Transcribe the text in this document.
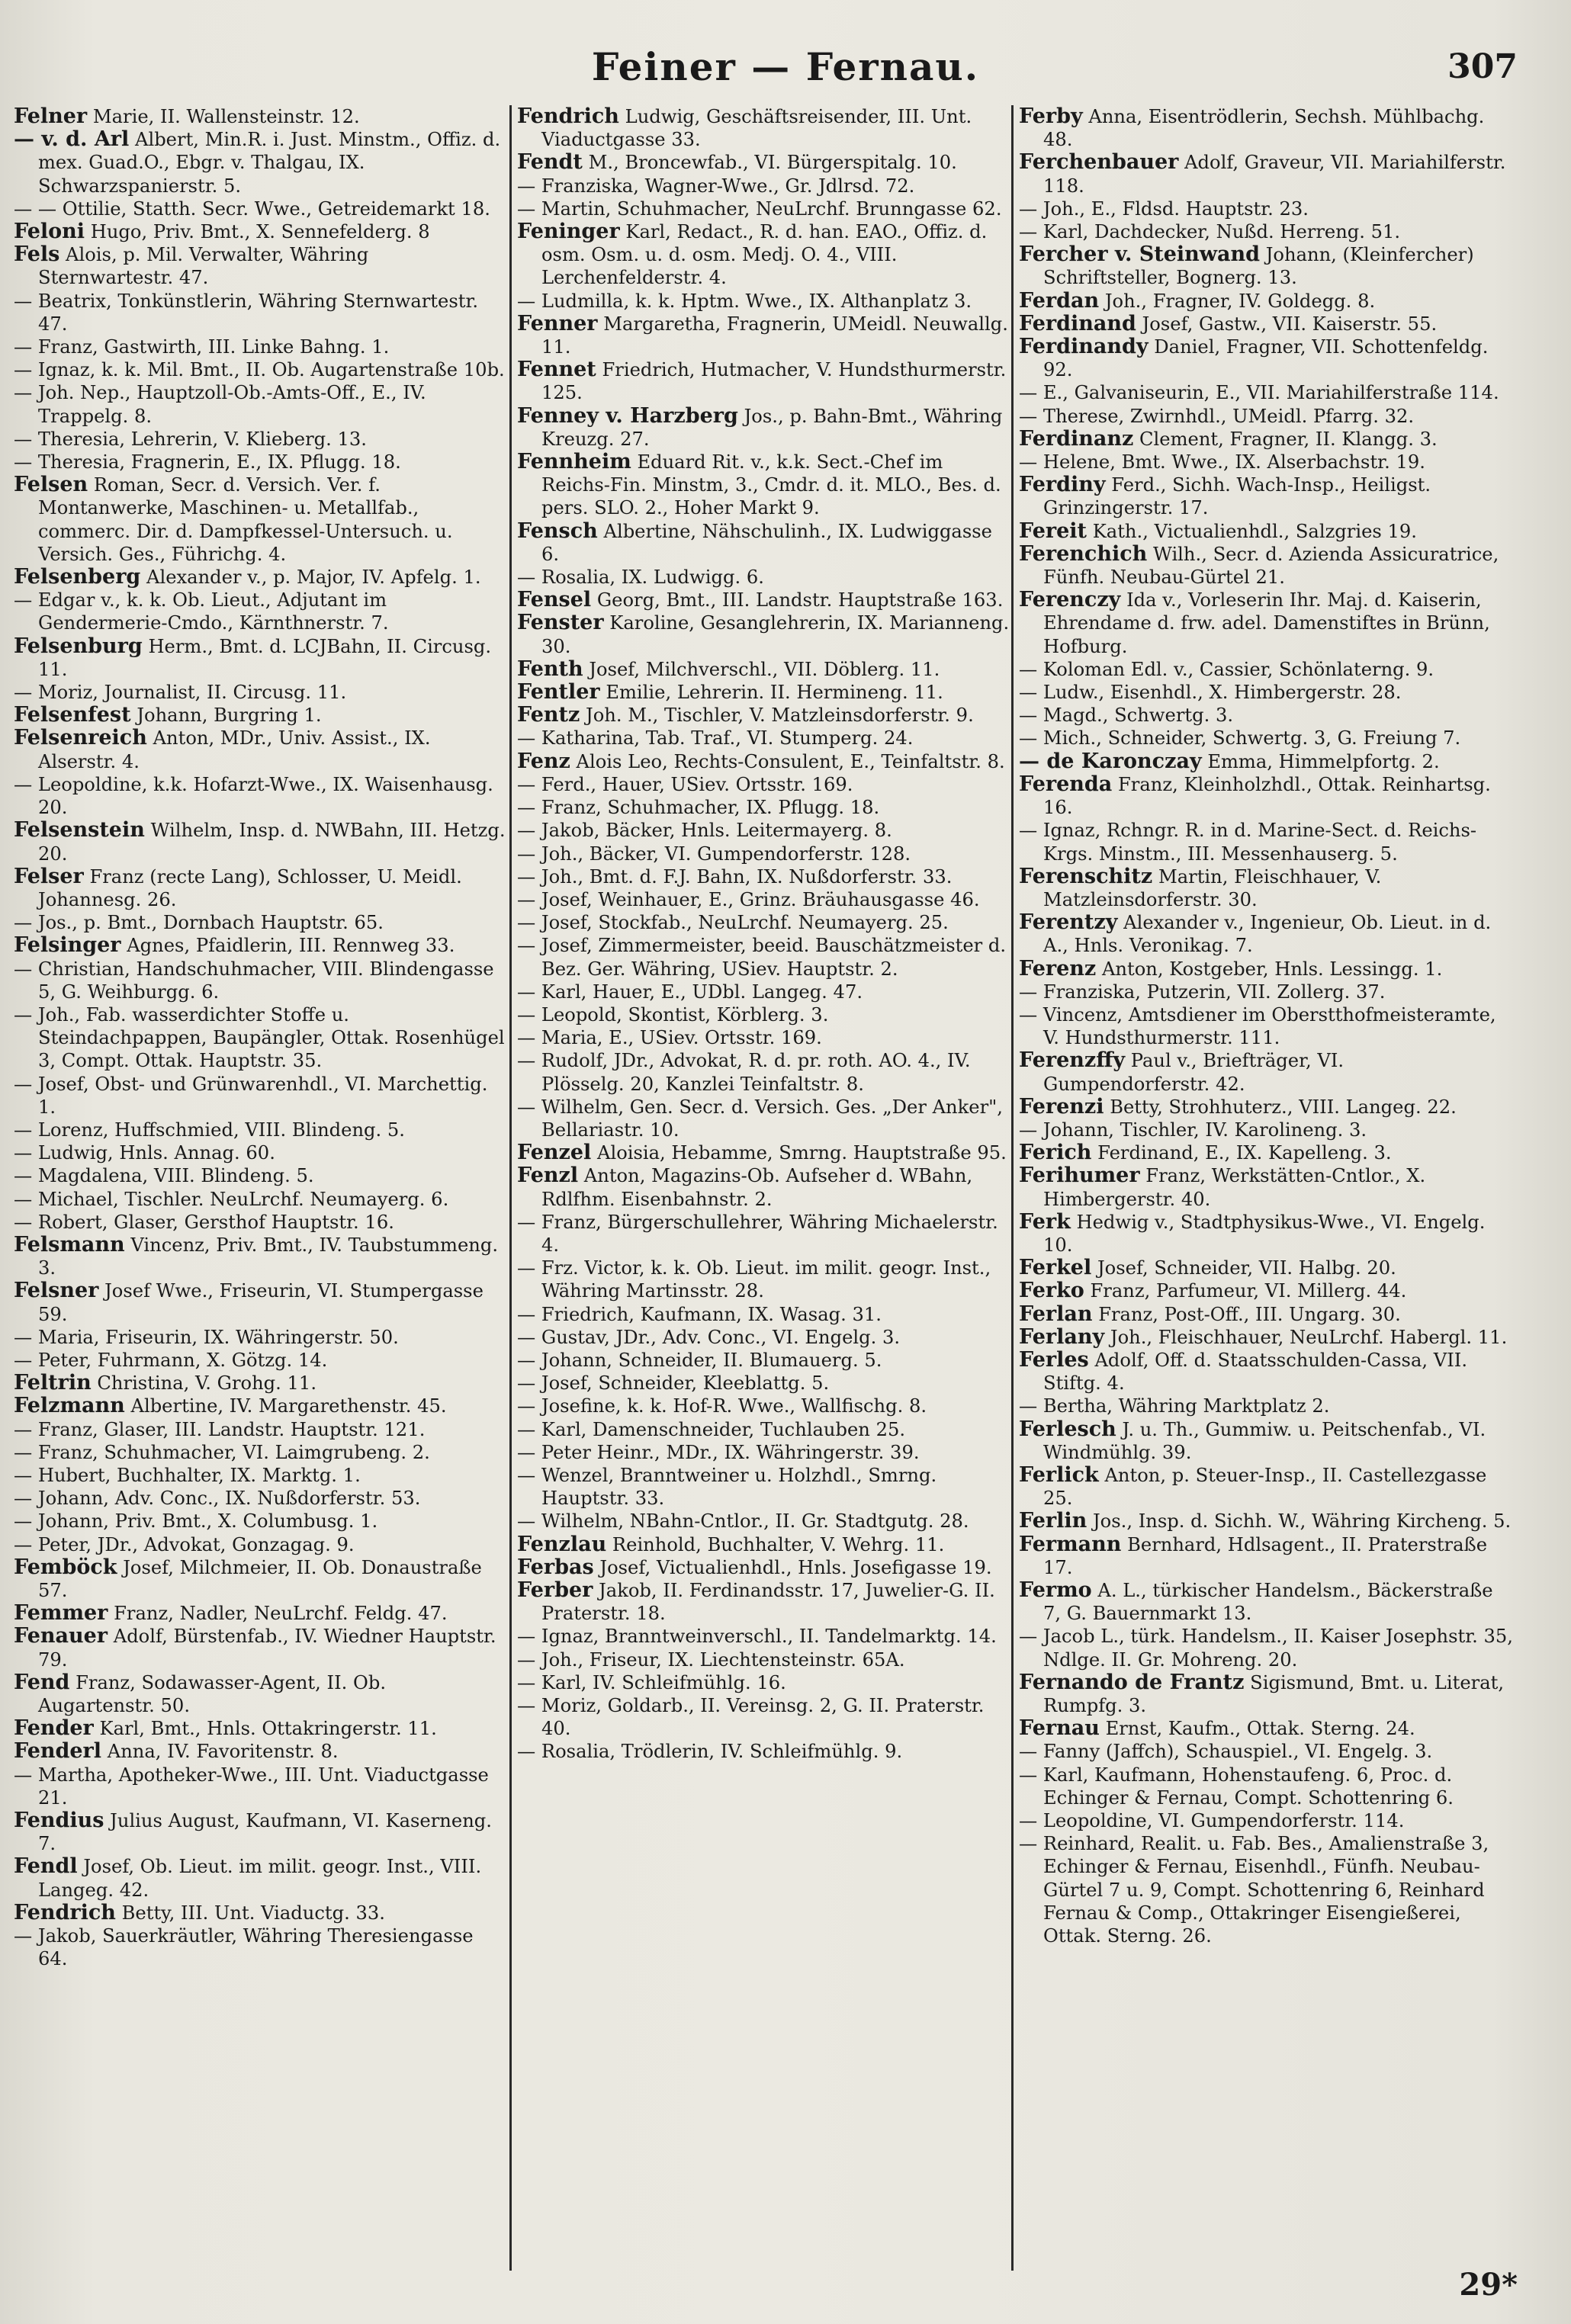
Feiner — Fernau.	307

Felner Marie, II. Wallensteinstr. 12.

— v. d. Arl Albert, Min.R. i. Just. Minstm., Offiz. d. mex. Guad.O., Ebgr. v. Thalgau, IX. Schwarzspanierstr. 5.

— — Ottilie, Statth. Secr. Wwe., Getreidemarkt 18.

Feloni Hugo, Priv. Bmt., X. Sennefelderg. 8

Fels Alois, p. Mil. Verwalter, Währing Sternwartestr. 47.

— Beatrix, Tonkünstlerin, Währing Sternwartestr. 47.

— Franz, Gastwirth, III. Linke Bahng. 1.

— Ignaz, k. k. Mil. Bmt., II. Ob. Augartenstraße 10b.

— Joh. Nep., Hauptzoll-Ob.-Amts-Off., E., IV. Trappelg. 8.

— Theresia, Lehrerin, V. Klieberg. 13.

— Theresia, Fragnerin, E., IX. Pflugg. 18.

Felsen Roman, Secr. d. Versich. Ver. f. Montanwerke, Maschinen- u. Metallfab., commerc. Dir. d. Dampfkessel-Untersuch. u. Versich. Ges., Führichg. 4.

Felsenberg Alexander v., p. Major, IV. Apfelg. 1.

— Edgar v., k. k. Ob. Lieut., Adjutant im Gendermerie-Cmdo., Kärnthnerstr. 7.

Felsenburg Herm., Bmt. d. LCJBahn, II. Circusg. 11.

— Moriz, Journalist, II. Circusg. 11.

Felsenfest Johann, Burgring 1.

Felsenreich Anton, MDr., Univ. Assist., IX. Alserstr. 4.

— Leopoldine, k.k. Hofarzt-Wwe., IX. Waisenhausg. 20.

Felsenstein Wilhelm, Insp. d. NWBahn, III. Hetzg. 20.

Felser Franz (recte Lang), Schlosser, U. Meidl. Johannesg. 26.

— Jos., p. Bmt., Dornbach Hauptstr. 65.

Felsinger Agnes, Pfaidlerin, III. Rennweg 33.

— Christian, Handschuhmacher, VIII. Blindengasse 5, G. Weihburgg. 6.

— Joh., Fab. wasserdichter Stoffe u. Steindachpappen, Baupängler, Ottak. Rosenhügel 3, Compt. Ottak. Hauptstr. 35.

— Josef, Obst- und Grünwarenhdl., VI. Marchettig. 1.

— Lorenz, Huffschmied, VIII. Blindeng. 5.

— Ludwig, Hnls. Annag. 60.

— Magdalena, VIII. Blindeng. 5.

— Michael, Tischler. NeuLrchf. Neumayerg. 6.

— Robert, Glaser, Gersthof Hauptstr. 16.

Felsmann Vincenz, Priv. Bmt., IV. Taubstummeng. 3.

Felsner Josef Wwe., Friseurin, VI. Stumpergasse 59.

— Maria, Friseurin, IX. Währingerstr. 50.

— Peter, Fuhrmann, X. Götzg. 14.

Feltrin Christina, V. Grohg. 11.

Felzmann Albertine, IV. Margarethenstr. 45.

— Franz, Glaser, III. Landstr. Hauptstr. 121.

— Franz, Schuhmacher, VI. Laimgrubeng. 2.

— Hubert, Buchhalter, IX. Marktg. 1.

— Johann, Adv. Conc., IX. Nußdorferstr. 53.

— Johann, Priv. Bmt., X. Columbusg. 1.

— Peter, JDr., Advokat, Gonzagag. 9.

Femböck Josef, Milchmeier, II. Ob. Donaustraße 57.

Femmer Franz, Nadler, NeuLrchf. Feldg. 47.

Fenauer Adolf, Bürstenfab., IV. Wiedner Hauptstr. 79.

Fend Franz, Sodawasser-Agent, II. Ob. Augartenstr. 50.

Fender Karl, Bmt., Hnls. Ottakringerstr. 11.

Fenderl Anna, IV. Favoritenstr. 8.

— Martha, Apotheker-Wwe., III. Unt. Viaductgasse 21.

Fendius Julius August, Kaufmann, VI. Kaserneng. 7.

Fendl Josef, Ob. Lieut. im milit. geogr. Inst., VIII. Langeg. 42.

Fendrich Betty, III. Unt. Viaductg. 33.

— Jakob, Sauerkräutler, Währing Theresiengasse 64.

Fendrich Ludwig, Geschäftsreisender, III. Unt. Viaductgasse 33.

Fendt M., Broncewfab., VI. Bürgerspitalg. 10.

— Franziska, Wagner-Wwe., Gr. Jdlrsd. 72.

— Martin, Schuhmacher, NeuLrchf. Brunngasse 62.

Feninger Karl, Redact., R. d. han. EAO., Offiz. d. osm. Osm. u. d. osm. Medj. O. 4., VIII. Lerchenfelderstr. 4.

— Ludmilla, k. k. Hptm. Wwe., IX. Althanplatz 3.

Fenner Margaretha, Fragnerin, UMeidl. Neuwallg. 11.

Fennet Friedrich, Hutmacher, V. Hundsthurmerstr. 125.

Fenney v. Harzberg Jos., p. Bahn-Bmt., Währing Kreuzg. 27.

Fennheim Eduard Rit. v., k.k. Sect.-Chef im Reichs-Fin. Minstm, 3., Cmdr. d. it. MLO., Bes. d. pers. SLO. 2., Hoher Markt 9.

Fensch Albertine, Nähschulinh., IX. Ludwiggasse 6.

— Rosalia, IX. Ludwigg. 6.

Fensel Georg, Bmt., III. Landstr. Hauptstraße 163.

Fenster Karoline, Gesanglehrerin, IX. Marianneng. 30.

Fenth Josef, Milchverschl., VII. Döblerg. 11.

Fentler Emilie, Lehrerin. II. Hermineng. 11.

Fentz Joh. M., Tischler, V. Matzleinsdorferstr. 9.

— Katharina, Tab. Traf., VI. Stumperg. 24.

Fenz Alois Leo, Rechts-Consulent, E., Teinfaltstr. 8.

— Ferd., Hauer, USiev. Ortsstr. 169.

— Franz, Schuhmacher, IX. Pflugg. 18.

— Jakob, Bäcker, Hnls. Leitermayerg. 8.

— Joh., Bäcker, VI. Gumpendorferstr. 128.

— Joh., Bmt. d. F.J. Bahn, IX. Nußdorferstr. 33.

— Josef, Weinhauer, E., Grinz. Bräuhausgasse 46.

— Josef, Stockfab., NeuLrchf. Neumayerg. 25.

— Josef, Zimmermeister, beeid. Bauschätzmeister d. Bez. Ger. Währing, USiev. Hauptstr. 2.

— Karl, Hauer, E., UDbl. Langeg. 47.

— Leopold, Skontist, Körblerg. 3.

— Maria, E., USiev. Ortsstr. 169.

— Rudolf, JDr., Advokat, R. d. pr. roth. AO. 4., IV. Plösselg. 20, Kanzlei Teinfaltstr. 8.

— Wilhelm, Gen. Secr. d. Versich. Ges. „Der Anker", Bellariastr. 10.

Fenzel Aloisia, Hebamme, Smrng. Hauptstraße 95.

Fenzl Anton, Magazins-Ob. Aufseher d. WBahn, Rdlfhm. Eisenbahnstr. 2.

— Franz, Bürgerschullehrer, Währing Michaelerstr. 4.

— Frz. Victor, k. k. Ob. Lieut. im milit. geogr. Inst., Währing Martinsstr. 28.

— Friedrich, Kaufmann, IX. Wasag. 31.

— Gustav, JDr., Adv. Conc., VI. Engelg. 3.

— Johann, Schneider, II. Blumauerg. 5.

— Josef, Schneider, Kleeblattg. 5.

— Josefine, k. k. Hof-R. Wwe., Wallfischg. 8.

— Karl, Damenschneider, Tuchlauben 25.

— Peter Heinr., MDr., IX. Währingerstr. 39.

— Wenzel, Branntweiner u. Holzhdl., Smrng. Hauptstr. 33.

— Wilhelm, NBahn-Cntlor., II. Gr. Stadtgutg. 28.

Fenzlau Reinhold, Buchhalter, V. Wehrg. 11.

Ferbas Josef, Victualienhdl., Hnls. Josefigasse 19.

Ferber Jakob, II. Ferdinandsstr. 17, Juwelier-G. II. Praterstr. 18.

— Ignaz, Branntweinverschl., II. Tandelmarktg. 14.

— Joh., Friseur, IX. Liechtensteinstr. 65A.

— Karl, IV. Schleifmühlg. 16.

— Moriz, Goldarb., II. Vereinsg. 2, G. II. Praterstr. 40.

— Rosalia, Trödlerin, IV. Schleifmühlg. 9.

Ferby Anna, Eisentrödlerin, Sechsh. Mühlbachg. 48.

Ferchenbauer Adolf, Graveur, VII. Mariahilferstr. 118.

— Joh., E., Fldsd. Hauptstr. 23.

— Karl, Dachdecker, Nußd. Herreng. 51.

Fercher v. Steinwand Johann, (Kleinfercher) Schriftsteller, Bognerg. 13.

Ferdan Joh., Fragner, IV. Goldegg. 8.

Ferdinand Josef, Gastw., VII. Kaiserstr. 55.

Ferdinandy Daniel, Fragner, VII. Schottenfeldg. 92.

— E., Galvaniseurin, E., VII. Mariahilferstraße 114.

— Therese, Zwirnhdl., UMeidl. Pfarrg. 32.

Ferdinanz Clement, Fragner, II. Klangg. 3.

— Helene, Bmt. Wwe., IX. Alserbachstr. 19.

Ferdiny Ferd., Sichh. Wach-Insp., Heiligst. Grinzingerstr. 17.

Fereit Kath., Victualienhdl., Salzgries 19.

Ferenchich Wilh., Secr. d. Azienda Assicuratrice, Fünfh. Neubau-Gürtel 21.

Ferenczy Ida v., Vorleserin Ihr. Maj. d. Kaiserin, Ehrendame d. frw. adel. Damenstiftes in Brünn, Hofburg.

— Koloman Edl. v., Cassier, Schönlaterng. 9.

— Ludw., Eisenhdl., X. Himbergerstr. 28.

— Magd., Schwertg. 3.

— Mich., Schneider, Schwertg. 3, G. Freiung 7.

— de Karonczay Emma, Himmelpfortg. 2.

Ferenda Franz, Kleinholzhdl., Ottak. Reinhartsg. 16.

— Ignaz, Rchngr. R. in d. Marine-Sect. d. Reichs-Krgs. Minstm., III. Messenhauserg. 5.

Ferenschitz Martin, Fleischhauer, V. Matzleinsdorferstr. 30.

Ferentzy Alexander v., Ingenieur, Ob. Lieut. in d. A., Hnls. Veronikag. 7.

Ferenz Anton, Kostgeber, Hnls. Lessingg. 1.

— Franziska, Putzerin, VII. Zollerg. 37.

— Vincenz, Amtsdiener im Oberstthofmeisteramte, V. Hundsthurmerstr. 111.

Ferenzffy Paul v., Briefträger, VI. Gumpendorferstr. 42.

Ferenzi Betty, Strohhuterz., VIII. Langeg. 22.

— Johann, Tischler, IV. Karolineng. 3.

Ferich Ferdinand, E., IX. Kapelleng. 3.

Ferihumer Franz, Werkstätten-Cntlor., X. Himbergerstr. 40.

Ferk Hedwig v., Stadtphysikus-Wwe., VI. Engelg. 10.

Ferkel Josef, Schneider, VII. Halbg. 20.

Ferko Franz, Parfumeur, VI. Millerg. 44.

Ferlan Franz, Post-Off., III. Ungarg. 30.

Ferlany Joh., Fleischhauer, NeuLrchf. Habergl. 11.

Ferles Adolf, Off. d. Staatsschulden-Cassa, VII. Stiftg. 4.

— Bertha, Währing Marktplatz 2.

Ferlesch J. u. Th., Gummiw. u. Peitschenfab., VI. Windmühlg. 39.

Ferlick Anton, p. Steuer-Insp., II. Castellezgasse 25.

Ferlin Jos., Insp. d. Sichh. W., Währing Kircheng. 5.

Fermann Bernhard, Hdlsagent., II. Praterstraße 17.

Fermo A. L., türkischer Handelsm., Bäckerstraße 7, G. Bauernmarkt 13.

— Jacob L., türk. Handelsm., II. Kaiser Josephstr. 35, Ndlge. II. Gr. Mohreng. 20.

Fernando de Frantz Sigismund, Bmt. u. Literat, Rumpfg. 3.

Fernau Ernst, Kaufm., Ottak. Sterng. 24.

— Fanny (Jaffch), Schauspiel., VI. Engelg. 3.

— Karl, Kaufmann, Hohenstaufeng. 6, Proc. d. Echinger & Fernau, Compt. Schottenring 6.

— Leopoldine, VI. Gumpendorferstr. 114.

— Reinhard, Realit. u. Fab. Bes., Amalienstraße 3, Echinger & Fernau, Eisenhdl., Fünfh. Neubau-Gürtel 7 u. 9, Compt. Schottenring 6, Reinhard Fernau & Comp., Ottakringer Eisengießerei, Ottak. Sterng. 26.

29*
